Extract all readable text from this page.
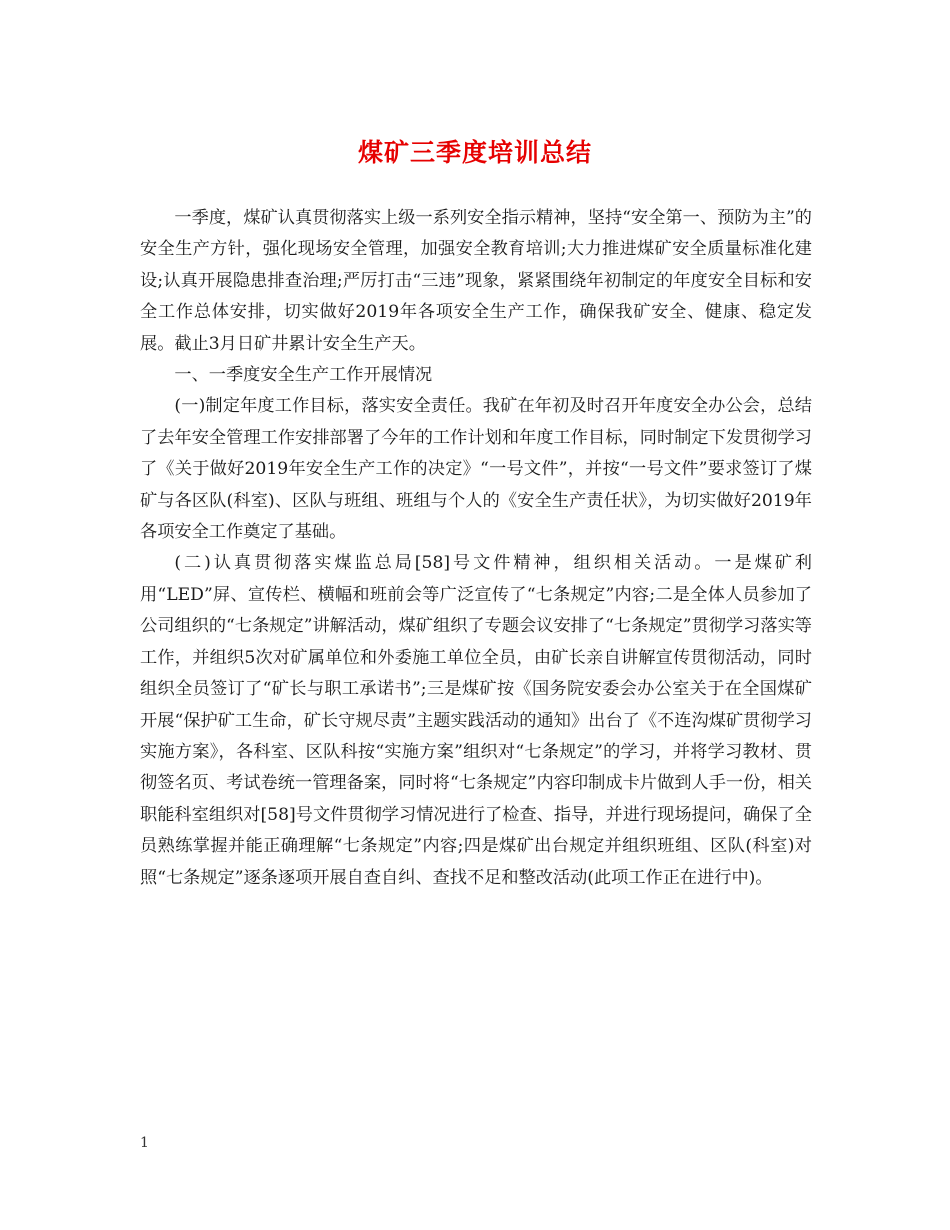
煤矿三季度培训总结

一季度，煤矿认真贯彻落实上级一系列安全指示精神，坚持“安全第一、预防为主”的安全生产方针，强化现场安全管理，加强安全教育培训;大力推进煤矿安全质量标准化建设;认真开展隐患排查治理;严厉打击“三违”现象，紧紧围绕年初制定的年度安全目标和安全工作总体安排，切实做好2019年各项安全生产工作，确保我矿安全、健康、稳定发展。截止3月日矿井累计安全生产天。

一、一季度安全生产工作开展情况

(一)制定年度工作目标，落实安全责任。我矿在年初及时召开年度安全办公会，总结了去年安全管理工作安排部署了今年的工作计划和年度工作目标，同时制定下发贯彻学习了《关于做好2019年安全生产工作的决定》“一号文件”，并按“一号文件”要求签订了煤矿与各区队(科室)、区队与班组、班组与个人的《安全生产责任状》，为切实做好2019年各项安全工作奠定了基础。

(二)认真贯彻落实煤监总局[58]号文件精神，组织相关活动。一是煤矿利用“LED”屏、宣传栏、横幅和班前会等广泛宣传了“七条规定”内容;二是全体人员参加了公司组织的“七条规定”讲解活动，煤矿组织了专题会议安排了“七条规定”贯彻学习落实等工作，并组织5次对矿属单位和外委施工单位全员，由矿长亲自讲解宣传贯彻活动，同时组织全员签订了“矿长与职工承诺书”;三是煤矿按《国务院安委会办公室关于在全国煤矿开展“保护矿工生命，矿长守规尽责”主题实践活动的通知》出台了《不连沟煤矿贯彻学习实施方案》，各科室、区队科按“实施方案”组织对“七条规定”的学习，并将学习教材、贯彻签名页、考试卷统一管理备案，同时将“七条规定”内容印制成卡片做到人手一份，相关职能科室组织对[58]号文件贯彻学习情况进行了检查、指导，并进行现场提问，确保了全员熟练掌握并能正确理解“七条规定”内容;四是煤矿出台规定并组织班组、区队(科室)对照“七条规定”逐条逐项开展自查自纠、查找不足和整改活动(此项工作正在进行中)。

1
